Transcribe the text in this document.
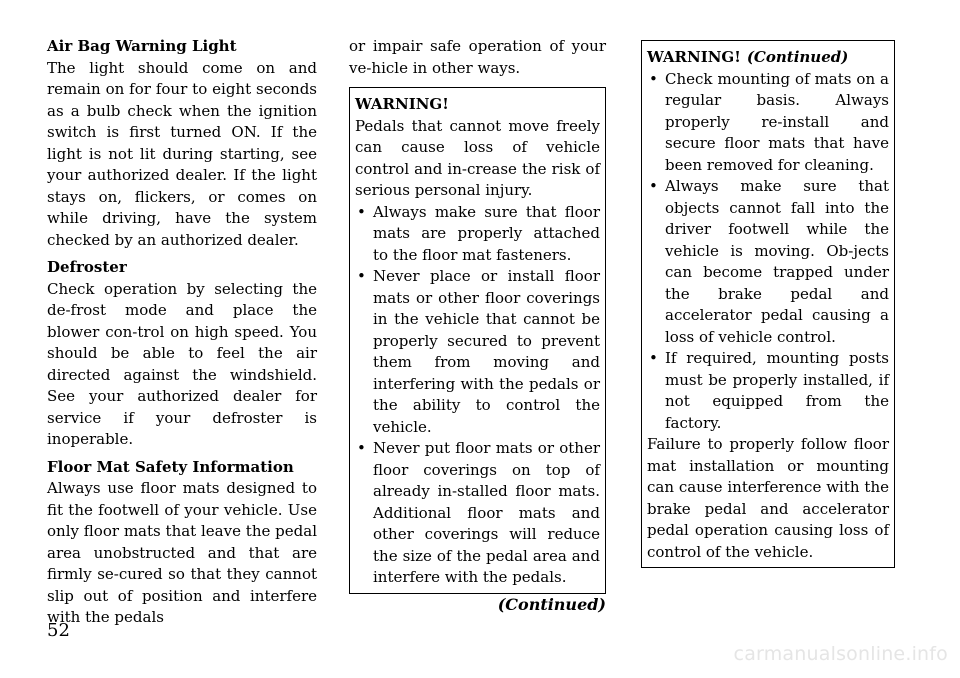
Air Bag Warning Light
The light should come on and remain on for four to eight seconds as a bulb check when the ignition switch is first turned ON. If the light is not lit during starting, see your authorized dealer. If the light stays on, flickers, or comes on while driving, have the system checked by an authorized dealer.

Defroster
Check operation by selecting the de-frost mode and place the blower con-trol on high speed. You should be able to feel the air directed against the windshield. See your authorized dealer for service if your defroster is inoperable.

Floor Mat Safety Information
Always use floor mats designed to fit the footwell of your vehicle. Use only floor mats that leave the pedal area unobstructed and that are firmly se-cured so that they cannot slip out of position and interfere with the pedals

or impair safe operation of your ve-hicle in other ways.

WARNING!

Pedals that cannot move freely can cause loss of vehicle control and in-crease the risk of serious personal injury.

• Always make sure that floor mats are properly attached to the floor mat fasteners.
• Never place or install floor mats or other floor coverings in the vehicle that cannot be properly secured to prevent them from moving and interfering with the pedals or the ability to control the vehicle.
• Never put floor mats or other floor coverings on top of already in-stalled floor mats. Additional floor mats and other coverings will reduce the size of the pedal area and interfere with the pedals.
(Continued)
WARNING! (Continued)
• Check mounting of mats on a regular basis. Always properly re-install and secure floor mats that have been removed for cleaning.
• Always make sure that objects cannot fall into the driver footwell while the vehicle is moving. Ob-jects can become trapped under the brake pedal and accelerator pedal causing a loss of vehicle control.
• If required, mounting posts must be properly installed, if not equipped from the factory.

Failure to properly follow floor mat installation or mounting can cause interference with the brake pedal and accelerator pedal operation causing loss of control of the vehicle.

52
carmanualsonline.info
